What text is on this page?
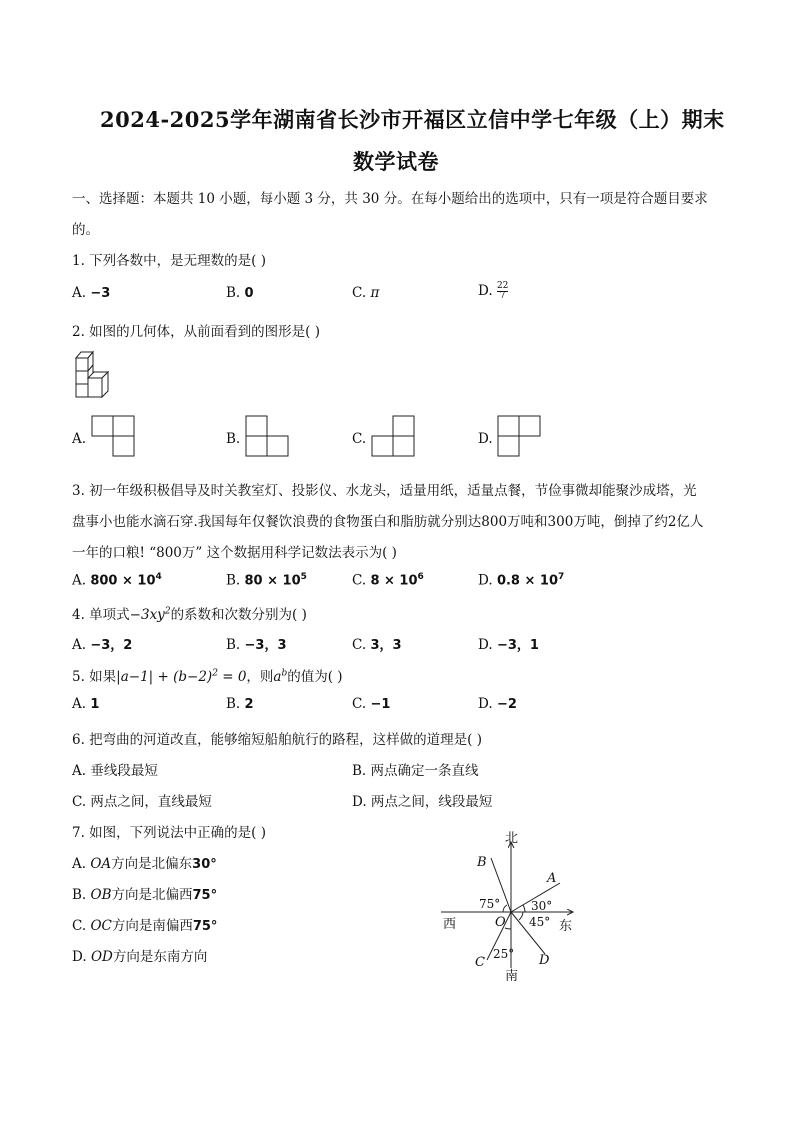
2024-2025学年湖南省长沙市开福区立信中学七年级（上）期末
数学试卷
一、选择题：本题共 10 小题，每小题 3 分，共 30 分。在每小题给出的选项中，只有一项是符合题目要求
的。
1. 下列各数中，是无理数的是( )
A. −3	B. 0	C. π	D. $\frac{22}{7}$
2. 如图的几何体，从前面看到的图形是( )
A.	B.	C.	D.
3. 初一年级积极倡导及时关教室灯、投影仪、水龙头，适量用纸，适量点餐，节俭事微却能聚沙成塔，光
盘事小也能水滴石穿.我国每年仅餐饮浪费的食物蛋白和脂肪就分别达800万吨和300万吨，倒掉了约2亿人
一年的口粮! “800万” 这个数据用科学记数法表示为( )
A. $800 \times 10^4$	B. $80 \times 10^5$	C. $8 \times 10^6$	D. $0.8 \times 10^7$
4. 单项式$-3xy^2$的系数和次数分别为( )
A. −3，2	B. −3，3	C. 3，3	D. −3，1
5. 如果$|a-1| + (b-2)^2 = 0$，则$a^b$的值为( )
A. 1	B. 2	C. −1	D. −2
6. 把弯曲的河道改直，能够缩短船舶航行的路程，这样做的道理是( )
A. 垂线段最短	B. 两点确定一条直线
C. 两点之间，直线最短	D. 两点之间，线段最短
7. 如图，下列说法中正确的是( )
A. OA方向是北偏东30°
B. OB方向是北偏西75°
C. OC方向是南偏西75°
D. OD方向是东南方向
北
南
西	东
B
A
C	D
O
75°	30°
45°
25°
